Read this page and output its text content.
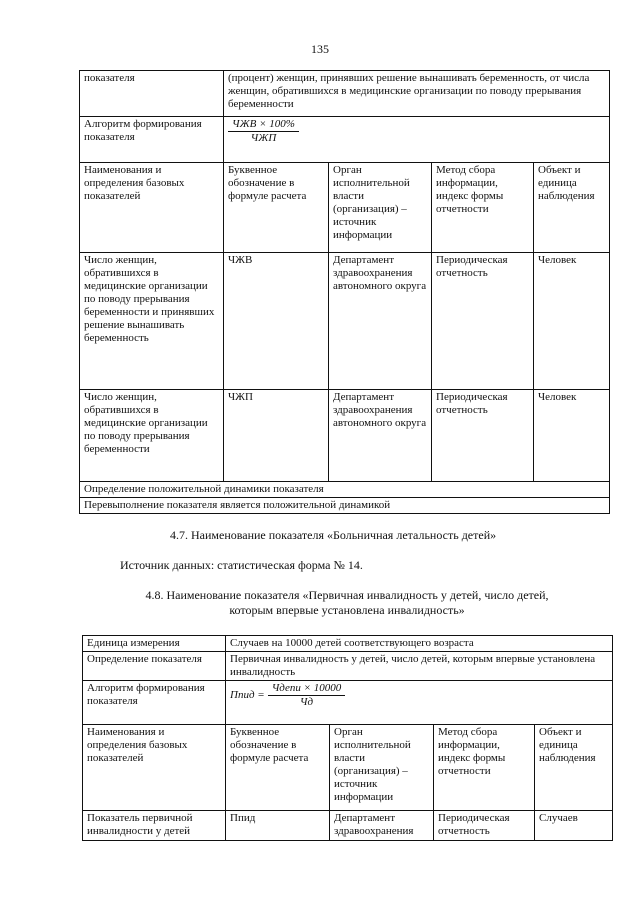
135
показателя	(процент) женщин, принявших решение вынашивать беременность, от числа женщин, обратившихся в медицинские организации по поводу прерывания беременности			
Алгоритм формирования показателя	$\frac{\text{ЧЖВ × 100\%}}{\text{ЧЖП}}$

Наименования и определения базовых показателей	Буквенное обозначение в формуле расчета	Орган исполнительной власти (организация) – источник информации	Метод сбора информации, индекс формы отчетности	Объект и единица наблюдения
Число женщин, обратившихся в медицинские организации по поводу прерывания беременности и принявших решение вынашивать беременность	ЧЖВ	Департамент здравоохранения автономного округа	Периодическая отчетность	Человек
Число женщин, обратившихся в медицинские организации по поводу прерывания беременности	ЧЖП	Департамент здравоохранения автономного округа	Периодическая отчетность	Человек
Определение положительной динамики показателя				
Перевыполнение показателя является положительной динамикой				
4.7. Наименование показателя «Больничная летальность детей»
Источник данных: статистическая форма № 14.
4.8. Наименование показателя «Первичная инвалидность у детей, число детей,
которым впервые установлена инвалидность»
Единица измерения	Случаев на 10000 детей соответствующего возраста			
Определение показателя	Первичная инвалидность у детей, число детей, которым впервые установлена инвалидность			
Алгоритм формирования показателя	Ппид = $\frac{\text{Чдепи × 10000}}{Чд}$

Наименования и определения базовых показателей	Буквенное обозначение в формуле расчета	Орган исполнительной власти (организация) – источник информации	Метод сбора информации, индекс формы отчетности	Объект и единица наблюдения
Показатель первичной инвалидности у детей	Ппид	Департамент здравоохранения	Периодическая отчетность	Случаев
